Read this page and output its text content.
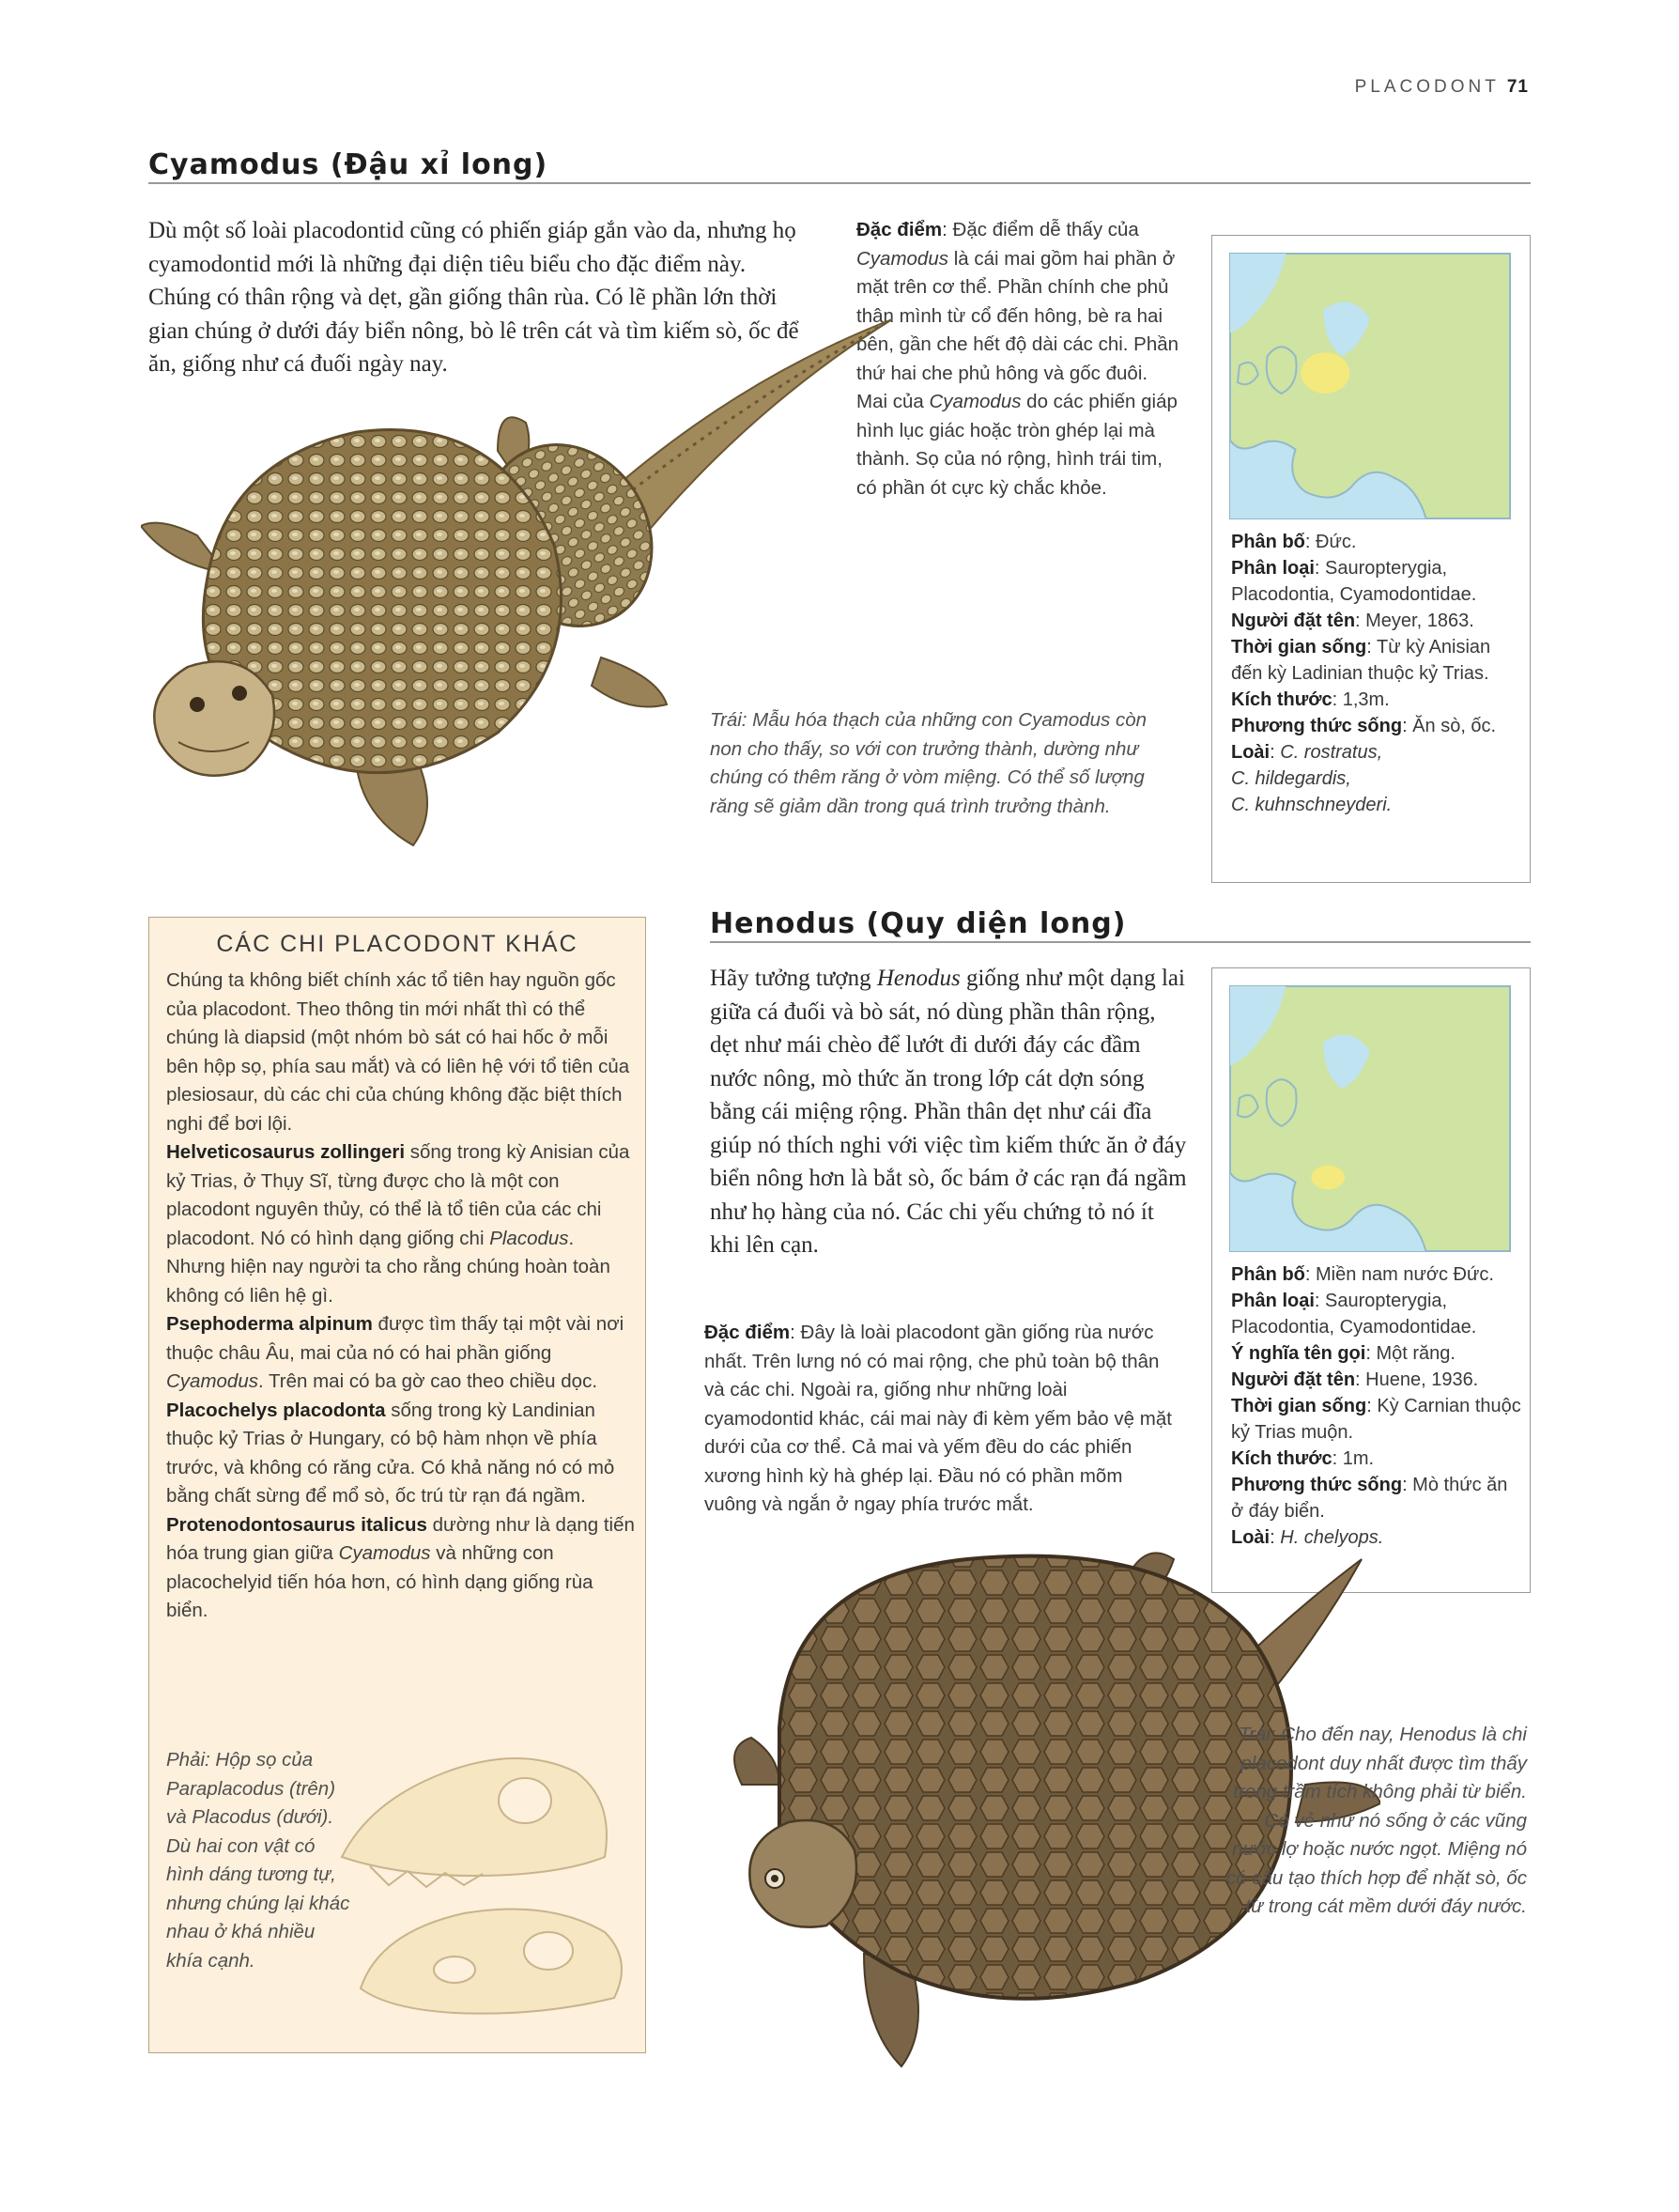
PLACODONT 71
Cyamodus (Đậu xỉ long)

Dù một số loài placodontid cũng có phiến giáp gắn vào da, nhưng họ cyamodontid mới là những đại diện tiêu biểu cho đặc điểm này. Chúng có thân rộng và dẹt, gần giống thân rùa. Có lẽ phần lớn thời gian chúng ở dưới đáy biển nông, bò lê trên cát và tìm kiếm sò, ốc để ăn, giống như cá đuối ngày nay.

Đặc điểm: Đặc điểm dễ thấy của Cyamodus là cái mai gồm hai phần ở mặt trên cơ thể. Phần chính che phủ thân mình từ cổ đến hông, bè ra hai bên, gần che hết độ dài các chi. Phần thứ hai che phủ hông và gốc đuôi. Mai của Cyamodus do các phiến giáp hình lục giác hoặc tròn ghép lại mà thành. Sọ của nó rộng, hình trái tim, có phần ót cực kỳ chắc khỏe.

Trái: Mẫu hóa thạch của những con Cyamodus còn non cho thấy, so với con trưởng thành, dường như chúng có thêm răng ở vòm miệng. Có thể số lượng răng sẽ giảm dần trong quá trình trưởng thành.

Phân bố: Đức.
Phân loại: Sauropterygia, Placodontia, Cyamodontidae.
Người đặt tên: Meyer, 1863.
Thời gian sống: Từ kỳ Anisian đến kỳ Ladinian thuộc kỷ Trias.
Kích thước: 1,3m.
Phương thức sống: Ăn sò, ốc.
Loài: C. rostratus,
C. hildegardis,
C. kuhnschneyderi.
CÁC CHI PLACODONT KHÁC

Chúng ta không biết chính xác tổ tiên hay nguồn gốc của placodont. Theo thông tin mới nhất thì có thể chúng là diapsid (một nhóm bò sát có hai hốc ở mỗi bên hộp sọ, phía sau mắt) và có liên hệ với tổ tiên của plesiosaur, dù các chi của chúng không đặc biệt thích nghi để bơi lội.

Helveticosaurus zollingeri sống trong kỳ Anisian của kỷ Trias, ở Thụy Sĩ, từng được cho là một con placodont nguyên thủy, có thể là tổ tiên của các chi placodont. Nó có hình dạng giống chi Placodus. Nhưng hiện nay người ta cho rằng chúng hoàn toàn không có liên hệ gì.

Psephoderma alpinum được tìm thấy tại một vài nơi thuộc châu Âu, mai của nó có hai phần giống Cyamodus. Trên mai có ba gờ cao theo chiều dọc.

Placochelys placodonta sống trong kỳ Landinian thuộc kỷ Trias ở Hungary, có bộ hàm nhọn về phía trước, và không có răng cửa. Có khả năng nó có mỏ bằng chất sừng để mổ sò, ốc trú từ rạn đá ngầm.

Protenodontosaurus italicus dường như là dạng tiến hóa trung gian giữa Cyamodus và những con placochelyid tiến hóa hơn, có hình dạng giống rùa biển.

Phải: Hộp sọ của Paraplacodus (trên) và Placodus (dưới). Dù hai con vật có hình dáng tương tự, nhưng chúng lại khác nhau ở khá nhiều khía cạnh.

Henodus (Quy diện long)

Hãy tưởng tượng Henodus giống như một dạng lai giữa cá đuối và bò sát, nó dùng phần thân rộng, dẹt như mái chèo để lướt đi dưới đáy các đầm nước nông, mò thức ăn trong lớp cát dợn sóng bằng cái miệng rộng. Phần thân dẹt như cái đĩa giúp nó thích nghi với việc tìm kiếm thức ăn ở đáy biển nông hơn là bắt sò, ốc bám ở các rạn đá ngầm như họ hàng của nó. Các chi yếu chứng tỏ nó ít khi lên cạn.

Đặc điểm: Đây là loài placodont gần giống rùa nước nhất. Trên lưng nó có mai rộng, che phủ toàn bộ thân và các chi. Ngoài ra, giống như những loài cyamodontid khác, cái mai này đi kèm yếm bảo vệ mặt dưới của cơ thể. Cả mai và yếm đều do các phiến xương hình kỳ hà ghép lại. Đầu nó có phần mõm vuông và ngắn ở ngay phía trước mắt.

Phân bố: Miền nam nước Đức.
Phân loại: Sauropterygia, Placodontia, Cyamodontidae.
Ý nghĩa tên gọi: Một răng.
Người đặt tên: Huene, 1936.
Thời gian sống: Kỳ Carnian thuộc kỷ Trias muộn.
Kích thước: 1m.
Phương thức sống: Mò thức ăn ở đáy biển.
Loài: H. chelyops.

Trái: Cho đến nay, Henodus là chi placodont duy nhất được tìm thấy trong trầm tích không phải từ biển. Có vẻ như nó sống ở các vũng nước lợ hoặc nước ngọt. Miệng nó có cấu tạo thích hợp để nhặt sò, ốc từ trong cát mềm dưới đáy nước.
